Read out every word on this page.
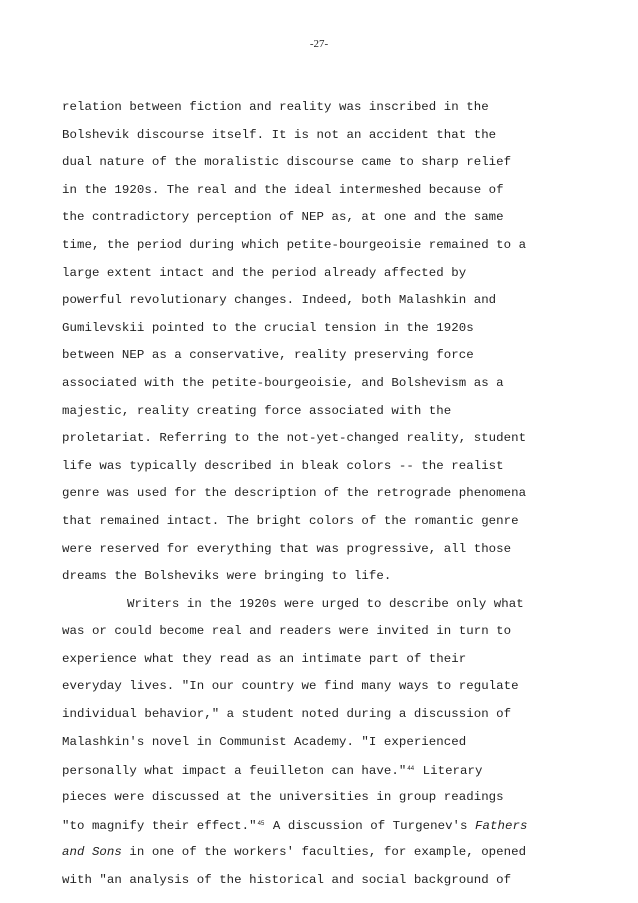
-27-
relation between fiction and reality was inscribed in the
Bolshevik discourse itself. It is not an accident that the
dual nature of the moralistic discourse came to sharp relief
in the 1920s. The real and the ideal intermeshed because of
the contradictory perception of NEP as, at one and the same
time, the period during which petite-bourgeoisie remained to a
large extent intact and the period already affected by
powerful revolutionary changes. Indeed, both Malashkin and
Gumilevskii pointed to the crucial tension in the 1920s
between NEP as a conservative, reality preserving force
associated with the petite-bourgeoisie, and Bolshevism as a
majestic, reality creating force associated with the
proletariat. Referring to the not-yet-changed reality, student
life was typically described in bleak colors -- the realist
genre was used for the description of the retrograde phenomena
that remained intact. The bright colors of the romantic genre
were reserved for everything that was progressive, all those
dreams the Bolsheviks were bringing to life.
Writers in the 1920s were urged to describe only what
was or could become real and readers were invited in turn to
experience what they read as an intimate part of their
everyday lives. "In our country we find many ways to regulate
individual behavior," a student noted during a discussion of
Malashkin's novel in Communist Academy. "I experienced
personally what impact a feuilleton can have."$^{44}$ Literary
pieces were discussed at the universities in group readings
"to magnify their effect."$^{45}$ A discussion of Turgenev's Fathers
and Sons in one of the workers' faculties, for example, opened
with "an analysis of the historical and social background of
